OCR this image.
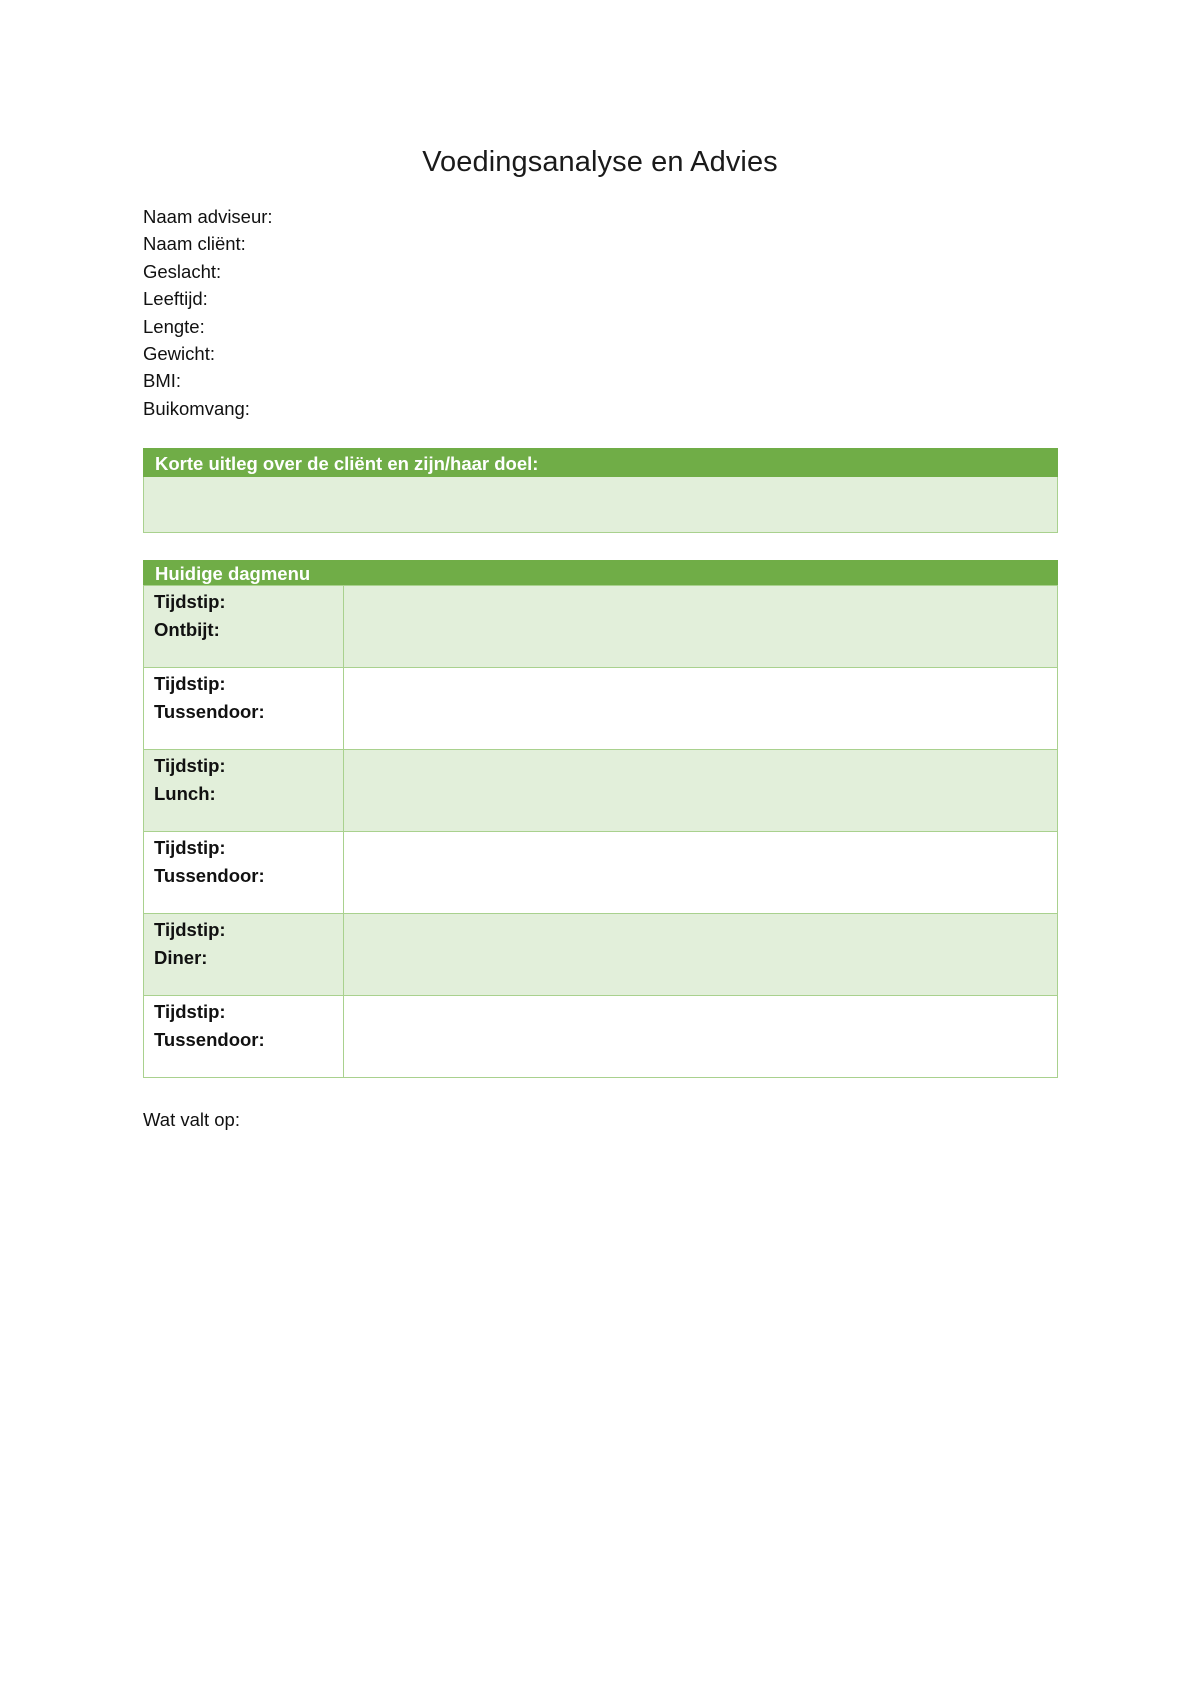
Voedingsanalyse en Advies
Naam adviseur:
Naam cliënt:
Geslacht:
Leeftijd:
Lengte:
Gewicht:
BMI:
Buikomvang:
Korte uitleg over de cliënt en zijn/haar doel:
Huidige dagmenu
Tijdstip:
Ontbijt:	

Tijdstip:
Tussendoor:	

Tijdstip:
Lunch:	

Tijdstip:
Tussendoor:	

Tijdstip:
Diner:	

Tijdstip:
Tussendoor:	

Wat valt op:
